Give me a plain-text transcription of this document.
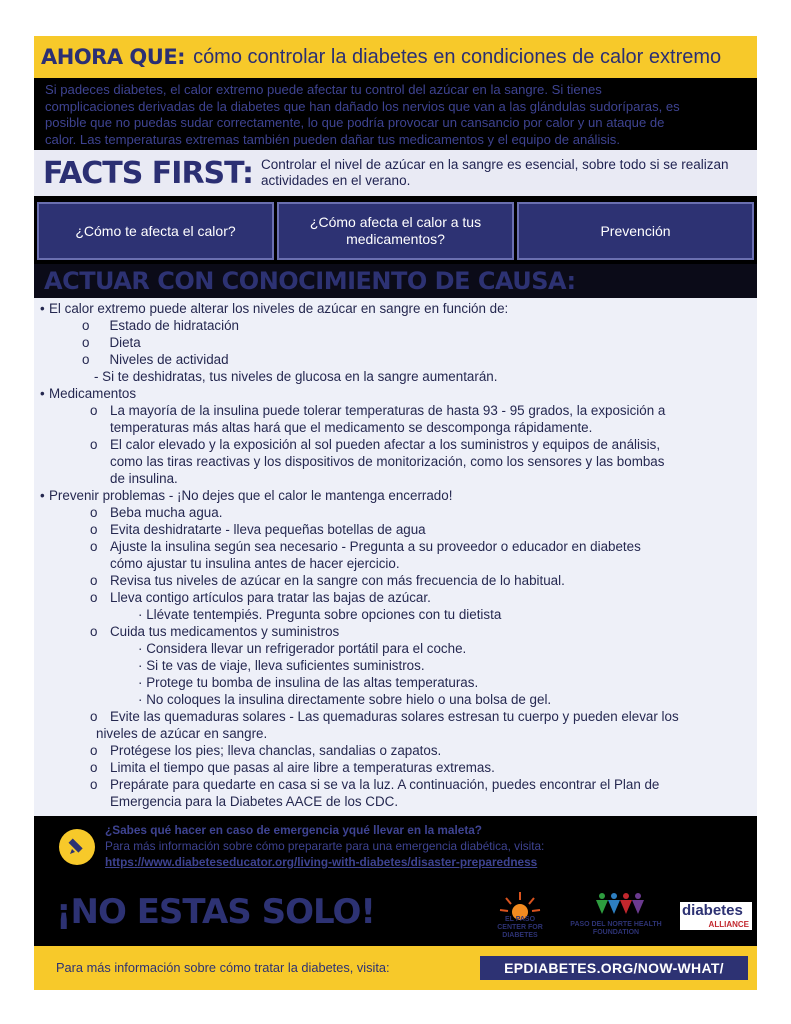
AHORA QUE: cómo controlar la diabetes en condiciones de calor extremo
Si padeces diabetes, el calor extremo puede afectar tu control del azúcar en la sangre. Si tienes
complicaciones derivadas de la diabetes que han dañado los nervios que van a las glándulas sudoríparas, es
posible que no puedas sudar correctamente, lo que podría provocar un cansancio por calor y un ataque de
calor. Las temperaturas extremas también pueden dañar tus medicamentos y el equipo de análisis.
FACTS FIRST: Controlar el nivel de azúcar en la sangre es esencial, sobre todo si se realizan actividades en el verano.
¿Cómo te afecta el calor?
¿Cómo afecta el calor a tus medicamentos?
Prevención
ACTUAR CON CONOCIMIENTO DE CAUSA:
• El calor extremo puede alterar los niveles de azúcar en sangre en función de:
o Estado de hidratación
o Dieta
o Niveles de actividad
- Si te deshidratas, tus niveles de glucosa en la sangre aumentarán.
• Medicamentos
o La mayoría de la insulina puede tolerar temperaturas de hasta 93 - 95 grados, la exposición a
temperaturas más altas hará que el medicamento se descomponga rápidamente.
o El calor elevado y la exposición al sol pueden afectar a los suministros y equipos de análisis,
como las tiras reactivas y los dispositivos de monitorización, como los sensores y las bombas
de insulina.
• Prevenir problemas - ¡No dejes que el calor le mantenga encerrado!
o Beba mucha agua.
o Evita deshidratarte - lleva pequeñas botellas de agua
o Ajuste la insulina según sea necesario - Pregunta a su proveedor o educador en diabetes
cómo ajustar tu insulina antes de hacer ejercicio.
o Revisa tus niveles de azúcar en la sangre con más frecuencia de lo habitual.
o Lleva contigo artículos para tratar las bajas de azúcar.
· Llévate tentempiés. Pregunta sobre opciones con tu dietista
o Cuida tus medicamentos y suministros
· Considera llevar un refrigerador portátil para el coche.
· Si te vas de viaje, lleva suficientes suministros.
· Protege tu bomba de insulina de las altas temperaturas.
· No coloques la insulina directamente sobre hielo o una bolsa de gel.
o Evite las quemaduras solares - Las quemaduras solares estresan tu cuerpo y pueden elevar los
niveles de azúcar en sangre.
o Protégese los pies; lleva chanclas, sandalias o zapatos.
o Limita el tiempo que pasas al aire libre a temperaturas extremas.
o Prepárate para quedarte en casa si se va la luz. A continuación, puedes encontrar el Plan de
Emergencia para la Diabetes AACE de los CDC.
¿Sabes qué hacer en caso de emergencia yqué llevar en la maleta?
Para más información sobre cómo prepararte para una emergencia diabética, visita:
https://www.diabeteseducator.org/living-with-diabetes/disaster-preparedness
¡NO ESTAS SOLO!	EL PASO CENTER FOR DIABETES
PASO DEL NORTE HEALTH FOUNDATION
diabetes
ALLIANCE
Para más información sobre cómo tratar la diabetes, visita:	EPDIABETES.ORG/NOW-WHAT/
